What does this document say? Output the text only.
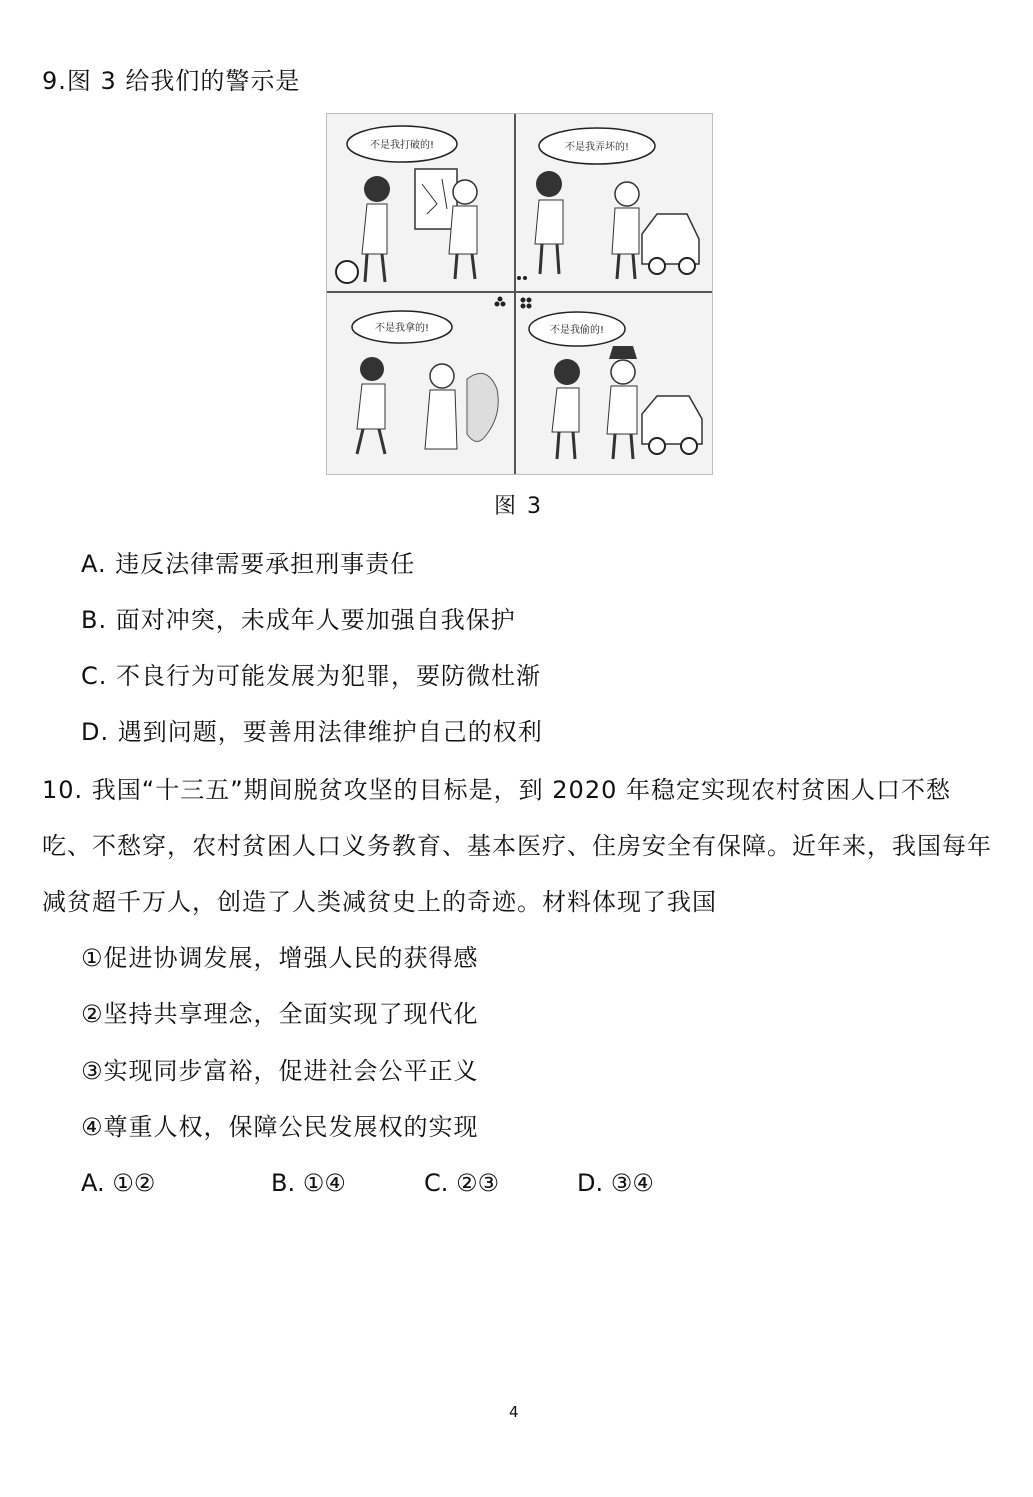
9.图 3 给我们的警示是
不是我打破的!	不是我弄坏的!
不是我拿的!	不是我偷的!
图 3
A. 违反法律需要承担刑事责任
B. 面对冲突，未成年人要加强自我保护
C. 不良行为可能发展为犯罪，要防微杜渐
D. 遇到问题，要善用法律维护自己的权利
10. 我国“十三五”期间脱贫攻坚的目标是，到 2020 年稳定实现农村贫困人口不愁吃、不愁穿，农村贫困人口义务教育、基本医疗、住房安全有保障。近年来，我国每年减贫超千万人，创造了人类减贫史上的奇迹。材料体现了我国
①促进协调发展，增强人民的获得感
②坚持共享理念，全面实现了现代化
③实现同步富裕，促进社会公平正义
④尊重人权，保障公民发展权的实现
A. ①②	B. ①④	C. ②③	D. ③④
4
